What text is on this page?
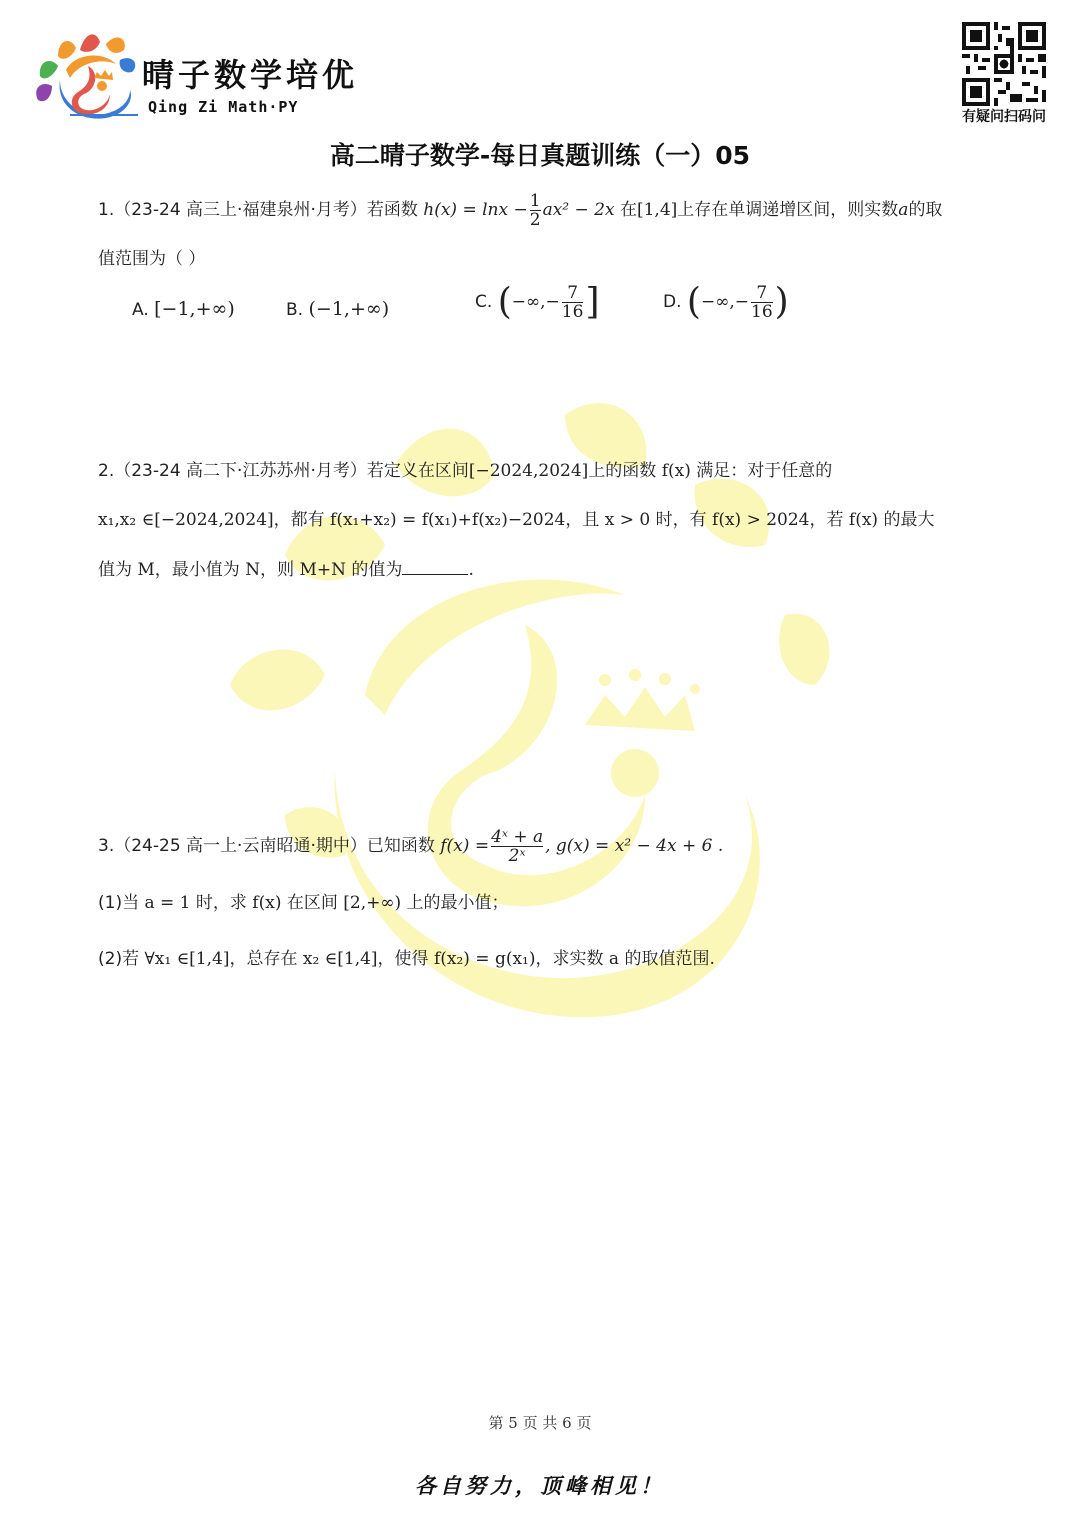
晴子数学培优
Qing Zi Math·PY
有疑问扫码问
高二晴子数学-每日真题训练（一）05
1.（23-24 高三上·福建泉州·月考）若函数 $h(x) = \ln x - \frac{1}{2} ax^2 - 2x$ 在[1,4]上存在单调递增区间，则实数a的取
值范围为（ ）
A. [−1,+∞)	B. (−1,+∞)	C. (−∞,− $\frac{7}{16}$ ]	D. (−∞,− $\frac{7}{16}$ )
2.（23-24 高二下·江苏苏州·月考）若定义在区间[−2024,2024]上的函数 f(x) 满足：对于任意的
x₁,x₂ ∈[−2024,2024]，都有 f(x₁+x₂) = f(x₁)+f(x₂)−2024，且 x > 0 时，有 f(x) > 2024，若 f(x) 的最大
值为 M，最小值为 N，则 M+N 的值为	.
3.（24-25 高一上·云南昭通·期中）已知函数 $f(x) = \frac{\text{4ˣ + a}}{\text{2ˣ}}$ , g(x) = x² − 4x + 6 .
(1)当 a = 1 时，求 f(x) 在区间 [2,+∞) 上的最小值；
(2)若 ∀x₁ ∈[1,4]，总存在 x₂ ∈[1,4]，使得 f(x₂) = g(x₁)，求实数 a 的取值范围.
第 5 页 共 6 页
各自努力，顶峰相见！
